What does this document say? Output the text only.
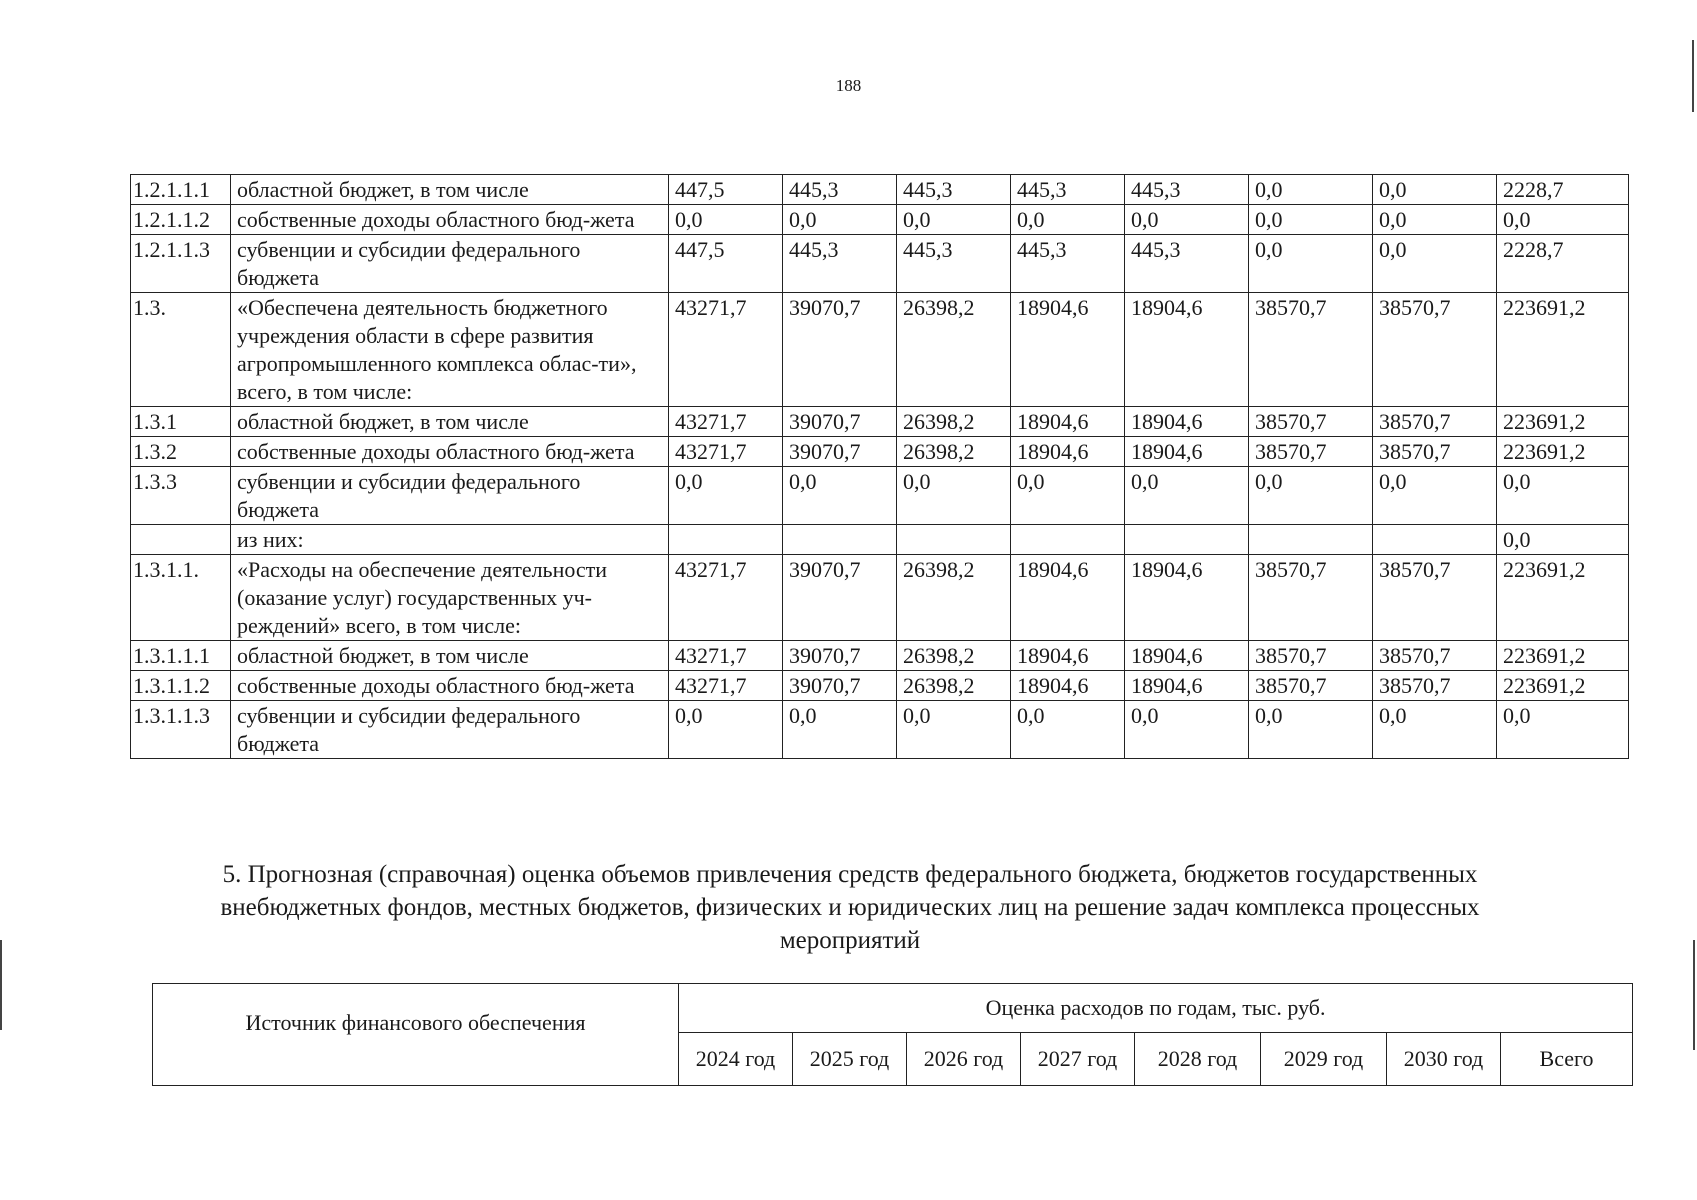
188
1.2.1.1.1	областной бюджет, в том числе	447,5	445,3	445,3	445,3	445,3	0,0	0,0	2228,7
1.2.1.1.2	собственные доходы областного бюд-жета	0,0	0,0	0,0	0,0	0,0	0,0	0,0	0,0
1.2.1.1.3	субвенции и субсидии федерального бюджета	447,5	445,3	445,3	445,3	445,3	0,0	0,0	2228,7
1.3.	«Обеспечена деятельность бюджетного учреждения области в сфере развития агропромышленного комплекса облас-ти», всего, в том числе:	43271,7	39070,7	26398,2	18904,6	18904,6	38570,7	38570,7	223691,2
1.3.1	областной бюджет, в том числе	43271,7	39070,7	26398,2	18904,6	18904,6	38570,7	38570,7	223691,2
1.3.2	собственные доходы областного бюд-жета	43271,7	39070,7	26398,2	18904,6	18904,6	38570,7	38570,7	223691,2
1.3.3	субвенции и субсидии федерального бюджета	0,0	0,0	0,0	0,0	0,0	0,0	0,0	0,0
	из них:								0,0
1.3.1.1.	«Расходы на обеспечение деятельности (оказание услуг) государственных уч-реждений» всего, в том числе:	43271,7	39070,7	26398,2	18904,6	18904,6	38570,7	38570,7	223691,2
1.3.1.1.1	областной бюджет, в том числе	43271,7	39070,7	26398,2	18904,6	18904,6	38570,7	38570,7	223691,2
1.3.1.1.2	собственные доходы областного бюд-жета	43271,7	39070,7	26398,2	18904,6	18904,6	38570,7	38570,7	223691,2
1.3.1.1.3	субвенции и субсидии федерального бюджета	0,0	0,0	0,0	0,0	0,0	0,0	0,0	0,0
5. Прогнозная (справочная) оценка объемов привлечения средств федерального бюджета, бюджетов государственных внебюджетных фондов, местных бюджетов, физических и юридических лиц на решение задач комплекса процессных мероприятий
Источник финансового обеспечения	Оценка расходов по годам, тыс. руб.							
	2024 год	2025 год	2026 год	2027 год	2028 год	2029 год	2030 год	Всего
